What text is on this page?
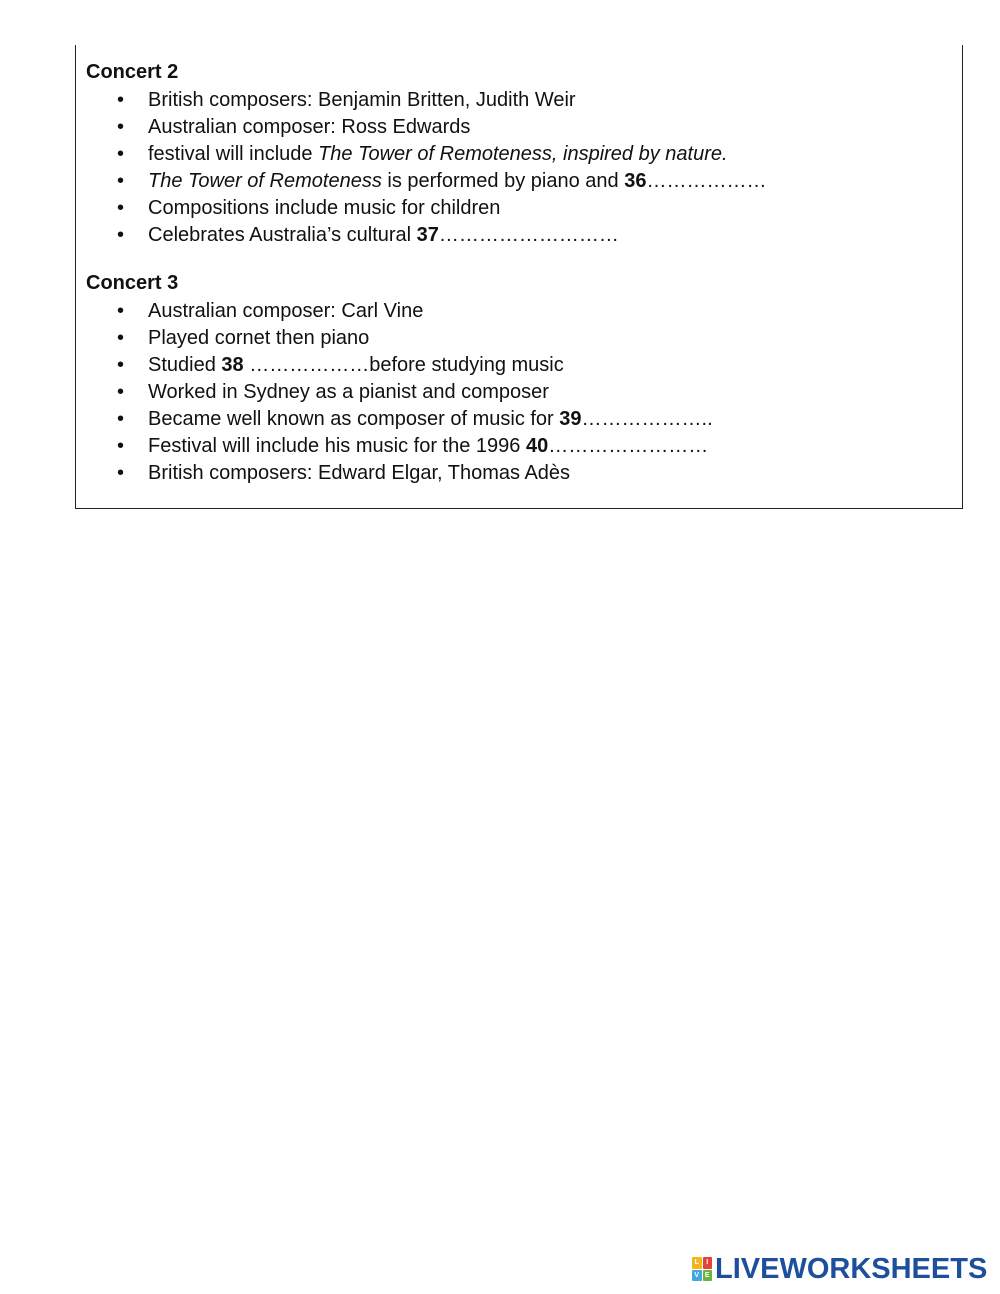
Concert 2

• British composers: Benjamin Britten, Judith Weir
• Australian composer: Ross Edwards
• festival will include The Tower of Remoteness, inspired by nature.
• The Tower of Remoteness is performed by piano and 36………………
• Compositions include music for children
• Celebrates Australia’s cultural 37………………………

Concert 3

• Australian composer: Carl Vine
• Played cornet then piano
• Studied 38 ………………before studying music
• Worked in Sydney as a pianist and composer
• Became well known as composer of music for 39………………..
• Festival will include his music for the 1996 40……………………
• British composers: Edward Elgar, Thomas Adès
L	I
V E LIVEWORKSHEETS
